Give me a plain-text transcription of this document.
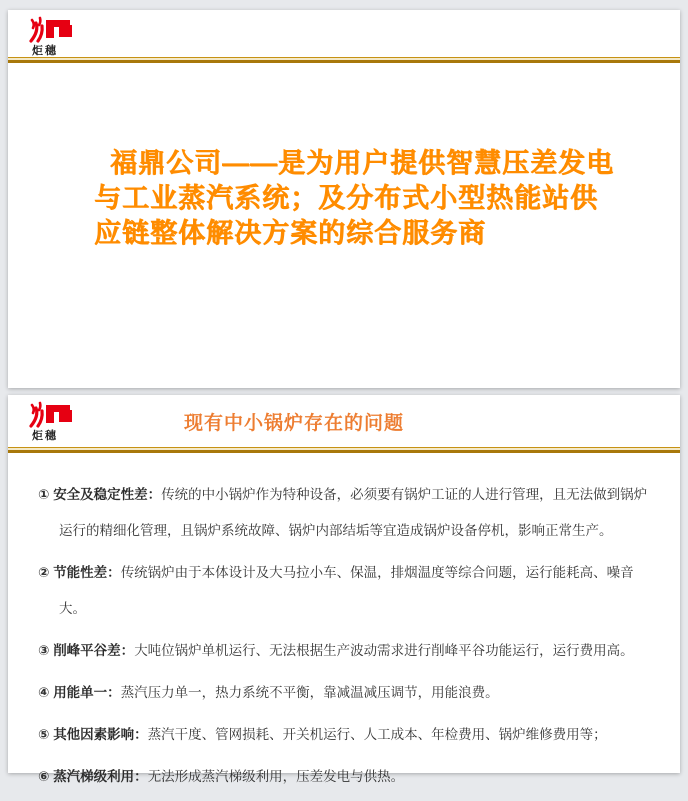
炬穗
福鼎公司——是为用户提供智慧压差发电
与工业蒸汽系统；及分布式小型热能站供
应链整体解决方案的综合服务商
炬穗
现有中小锅炉存在的问题
① 安全及稳定性差：传统的中小锅炉作为特种设备，必须要有锅炉工证的人进行管理，且无法做到锅炉运行的精细化管理，且锅炉系统故障、锅炉内部结垢等宜造成锅炉设备停机，影响正常生产。
② 节能性差：传统锅炉由于本体设计及大马拉小车、保温，排烟温度等综合问题，运行能耗高、噪音大。
③ 削峰平谷差：大吨位锅炉单机运行、无法根据生产波动需求进行削峰平谷功能运行，运行费用高。
④ 用能单一：蒸汽压力单一，热力系统不平衡，靠减温减压调节，用能浪费。
⑤ 其他因素影响：蒸汽干度、管网损耗、开关机运行、人工成本、年检费用、锅炉维修费用等；
⑥ 蒸汽梯级利用：无法形成蒸汽梯级利用，压差发电与供热。
